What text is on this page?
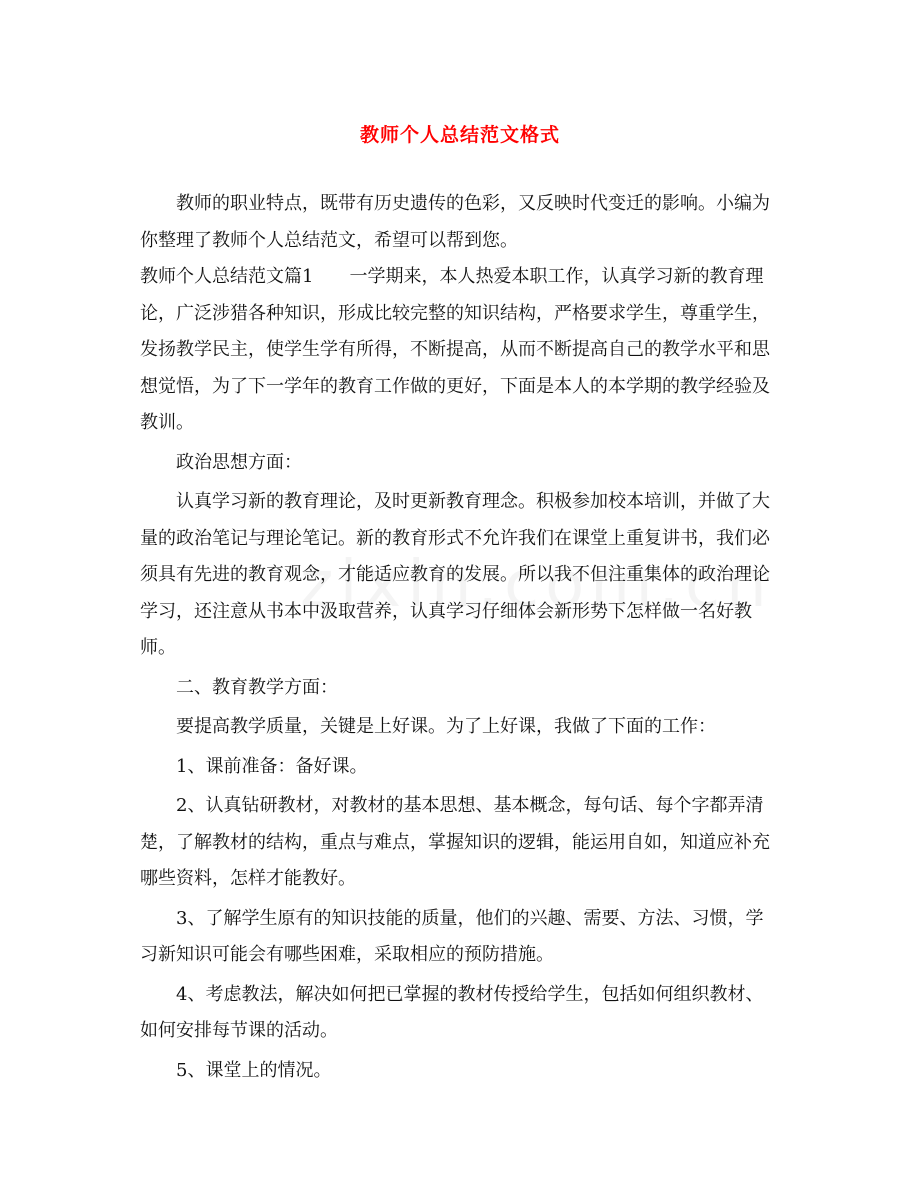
教师个人总结范文格式

教师的职业特点，既带有历史遗传的色彩，又反映时代变迁的影响。小编为你整理了教师个人总结范文，希望可以帮到您。

教师个人总结范文篇1　　一学期来，本人热爱本职工作，认真学习新的教育理论，广泛涉猎各种知识，形成比较完整的知识结构，严格要求学生，尊重学生，发扬教学民主，使学生学有所得，不断提高，从而不断提高自己的教学水平和思想觉悟，为了下一学年的教育工作做的更好，下面是本人的本学期的教学经验及教训。

政治思想方面：

认真学习新的教育理论，及时更新教育理念。积极参加校本培训，并做了大量的政治笔记与理论笔记。新的教育形式不允许我们在课堂上重复讲书，我们必须具有先进的教育观念，才能适应教育的发展。所以我不但注重集体的政治理论学习，还注意从书本中汲取营养，认真学习仔细体会新形势下怎样做一名好教师。

二、教育教学方面：

要提高教学质量，关键是上好课。为了上好课，我做了下面的工作：

1、课前准备：备好课。

2、认真钻研教材，对教材的基本思想、基本概念，每句话、每个字都弄清楚，了解教材的结构，重点与难点，掌握知识的逻辑，能运用自如，知道应补充哪些资料，怎样才能教好。

3、了解学生原有的知识技能的质量，他们的兴趣、需要、方法、习惯，学习新知识可能会有哪些困难，采取相应的预防措施。

4、考虑教法，解决如何把已掌握的教材传授给学生，包括如何组织教材、如何安排每节课的活动。

5、课堂上的情况。
